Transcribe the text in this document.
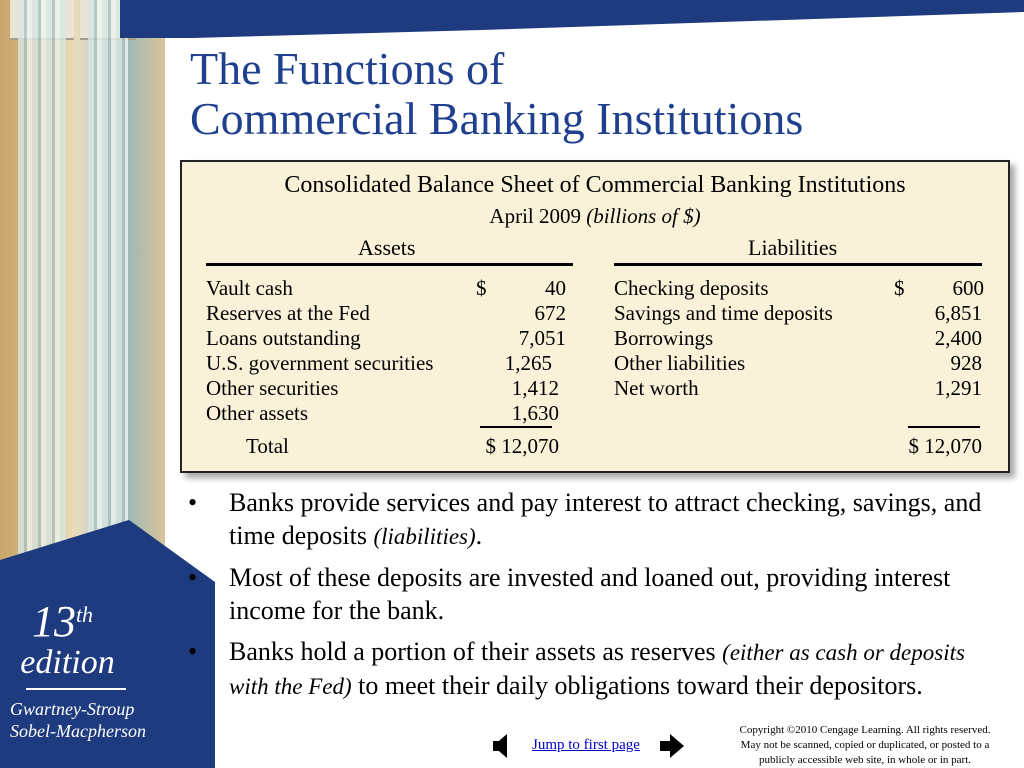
13th
edition
Gwartney-Stroup
Sobel-Macpherson
The Functions of
Commercial Banking Institutions
Consolidated Balance Sheet of Commercial Banking Institutions
April 2009 (billions of $)
Assets	Liabilities
Vault cash	$	40
Reserves at the Fed	672
Loans outstanding	7,051
U.S. government securities	1,265
Other securities	1,412
Other assets	1,630
Total	$ 12,070
Checking deposits	$ 600
Savings and time deposits	6,851
Borrowings	2,400
Other liabilities	928
Net worth	1,291
$ 12,070
• Banks provide services and pay interest to attract checking, savings, and time deposits (liabilities).
• Most of these deposits are invested and loaned out, providing interest income for the bank.
• Banks hold a portion of their assets as reserves (either as cash or deposits with the Fed) to meet their daily obligations toward their depositors.
Jump to first page
Copyright ©2010 Cengage Learning. All rights reserved.
May not be scanned, copied or duplicated, or posted to a
publicly accessible web site, in whole or in part.
